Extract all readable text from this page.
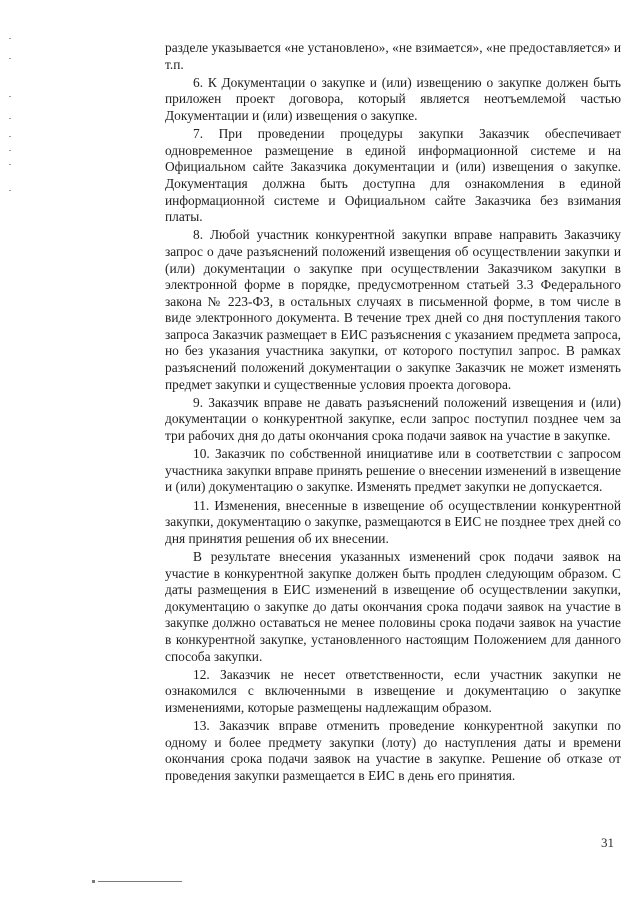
разделе указывается «не установлено», «не взимается», «не предоставляется» и т.п.

6. К Документации о закупке и (или) извещению о закупке должен быть приложен проект договора, который является неотъемлемой частью Документации и (или) извещения о закупке.

7. При проведении процедуры закупки Заказчик обеспечивает одновременное размещение в единой информационной системе и на Официальном сайте Заказчика документации и (или) извещения о закупке. Документация должна быть доступна для ознакомления в единой информационной системе и Официальном сайте Заказчика без взимания платы.

8. Любой участник конкурентной закупки вправе направить Заказчику запрос о даче разъяснений положений извещения об осуществлении закупки и (или) документации о закупке при осуществлении Заказчиком закупки в электронной форме в порядке, предусмотренном статьей 3.3 Федерального закона № 223-ФЗ, в остальных случаях в письменной форме, в том числе в виде электронного документа. В течение трех дней со дня поступления такого запроса Заказчик размещает в ЕИС разъяснения с указанием предмета запроса, но без указания участника закупки, от которого поступил запрос. В рамках разъяснений положений документации о закупке Заказчик не может изменять предмет закупки и существенные условия проекта договора.

9. Заказчик вправе не давать разъяснений положений извещения и (или) документации о конкурентной закупке, если запрос поступил позднее чем за три рабочих дня до даты окончания срока подачи заявок на участие в закупке.

10. Заказчик по собственной инициативе или в соответствии с запросом участника закупки вправе принять решение о внесении изменений в извещение и (или) документацию о закупке. Изменять предмет закупки не допускается.

11. Изменения, внесенные в извещение об осуществлении конкурентной закупки, документацию о закупке, размещаются в ЕИС не позднее трех дней со дня принятия решения об их внесении.

В результате внесения указанных изменений срок подачи заявок на участие в конкурентной закупке должен быть продлен следующим образом. С даты размещения в ЕИС изменений в извещение об осуществлении закупки, документацию о закупке до даты окончания срока подачи заявок на участие в закупке должно оставаться не менее половины срока подачи заявок на участие в конкурентной закупке, установленного настоящим Положением для данного способа закупки.

12. Заказчик не несет ответственности, если участник закупки не ознакомился с включенными в извещение и документацию о закупке изменениями, которые размещены надлежащим образом.

13. Заказчик вправе отменить проведение конкурентной закупки по одному и более предмету закупки (лоту) до наступления даты и времени окончания срока подачи заявок на участие в закупке. Решение об отказе от проведения закупки размещается в ЕИС в день его принятия.

31
